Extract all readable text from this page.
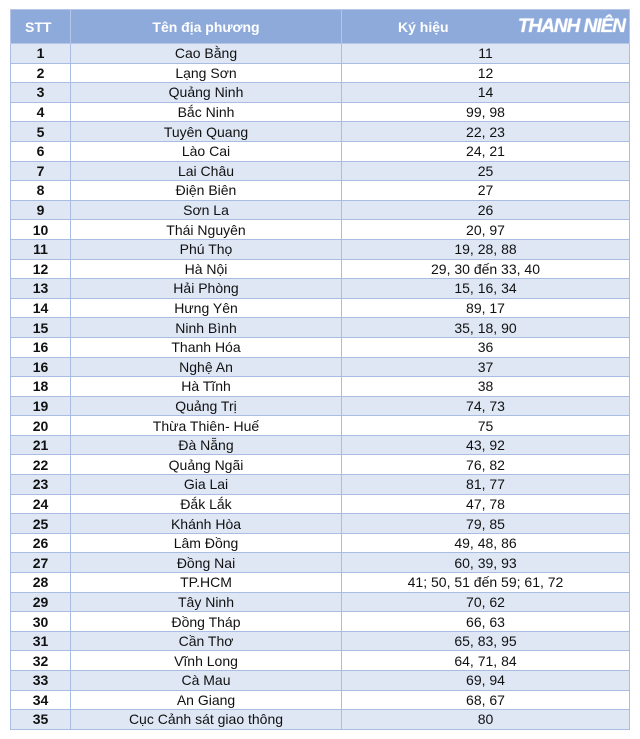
STT	Tên địa phương	Ký hiệu THANH NIÊN

1	Cao Bằng	11
2	Lạng Sơn	12
3	Quảng Ninh	14
4	Bắc Ninh	99, 98
5	Tuyên Quang	22, 23
6	Lào Cai	24, 21
7	Lai Châu	25
8	Điện Biên	27
9	Sơn La	26
10	Thái Nguyên	20, 97
11	Phú Thọ	19, 28, 88
12	Hà Nội	29, 30 đến 33, 40
13	Hải Phòng	15, 16, 34
14	Hưng Yên	89, 17
15	Ninh Bình	35, 18, 90
16	Thanh Hóa	36
16	Nghệ An	37
18	Hà Tĩnh	38
19	Quảng Trị	74, 73
20	Thừa Thiên- Huế	75
21	Đà Nẵng	43, 92
22	Quảng Ngãi	76, 82
23	Gia Lai	81, 77
24	Đắk Lắk	47, 78
25	Khánh Hòa	79, 85
26	Lâm Đồng	49, 48, 86
27	Đồng Nai	60, 39, 93
28	TP.HCM	41; 50, 51 đến 59; 61, 72
29	Tây Ninh	70, 62
30	Đồng Tháp	66, 63
31	Cần Thơ	65, 83, 95
32	Vĩnh Long	64, 71, 84
33	Cà Mau	69, 94
34	An Giang	68, 67
35	Cục Cảnh sát giao thông	80
